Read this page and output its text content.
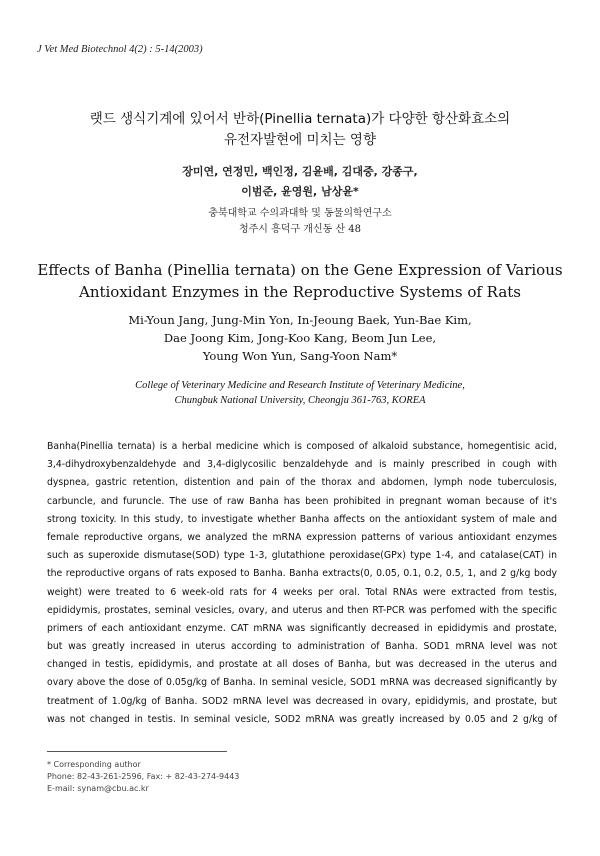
J Vet Med Biotechnol 4(2) : 5-14(2003)
랫드 생식기계에 있어서 반하(Pinellia ternata)가 다양한 항산화효소의
유전자발현에 미치는 영향
장미연, 연정민, 백인정, 김윤배, 김대중, 강종구,
이범준, 윤영원, 남상윤*
충북대학교 수의과대학 및 동물의학연구소
청주시 흥덕구 개신동 산 48
Effects of Banha (Pinellia ternata) on the Gene Expression of Various
Antioxidant Enzymes in the Reproductive Systems of Rats
Mi-Youn Jang, Jung-Min Yon, In-Jeoung Baek, Yun-Bae Kim,
Dae Joong Kim, Jong-Koo Kang, Beom Jun Lee,
Young Won Yun, Sang-Yoon Nam*
College of Veterinary Medicine and Research Institute of Veterinary Medicine,
Chungbuk National University, Cheongju 361-763, KOREA
Banha(Pinellia ternata) is a herbal medicine which is composed of alkaloid substance, homegentisic acid,
3,4-dihydroxybenzaldehyde and 3,4-diglycosilic benzaldehyde and is mainly prescribed in cough with
dyspnea, gastric retention, distention and pain of the thorax and abdomen, lymph node tuberculosis,
carbuncle, and furuncle. The use of raw Banha has been prohibited in pregnant woman because of it's
strong toxicity. In this study, to investigate whether Banha affects on the antioxidant system of male and
female reproductive organs, we analyzed the mRNA expression patterns of various antioxidant enzymes
such as superoxide dismutase(SOD) type 1-3, glutathione peroxidase(GPx) type 1-4, and catalase(CAT) in
the reproductive organs of rats exposed to Banha. Banha extracts(0, 0.05, 0.1, 0.2, 0.5, 1, and 2 g/kg body
weight) were treated to 6 week-old rats for 4 weeks per oral. Total RNAs were extracted from testis,
epididymis, prostates, seminal vesicles, ovary, and uterus and then RT-PCR was perfomed with the specific
primers of each antioxidant enzyme. CAT mRNA was significantly decreased in epididymis and prostate,
but was greatly increased in uterus according to administration of Banha. SOD1 mRNA level was not
changed in testis, epididymis, and prostate at all doses of Banha, but was decreased in the uterus and
ovary above the dose of 0.05g/kg of Banha. In seminal vesicle, SOD1 mRNA was decreased significantly by
treatment of 1.0g/kg of Banha. SOD2 mRNA level was decreased in ovary, epididymis, and prostate, but
was not changed in testis. In seminal vesicle, SOD2 mRNA was greatly increased by 0.05 and 2 g/kg of
* Corresponding author
Phone: 82-43-261-2596, Fax: + 82-43-274-9443
E-mail: synam@cbu.ac.kr
